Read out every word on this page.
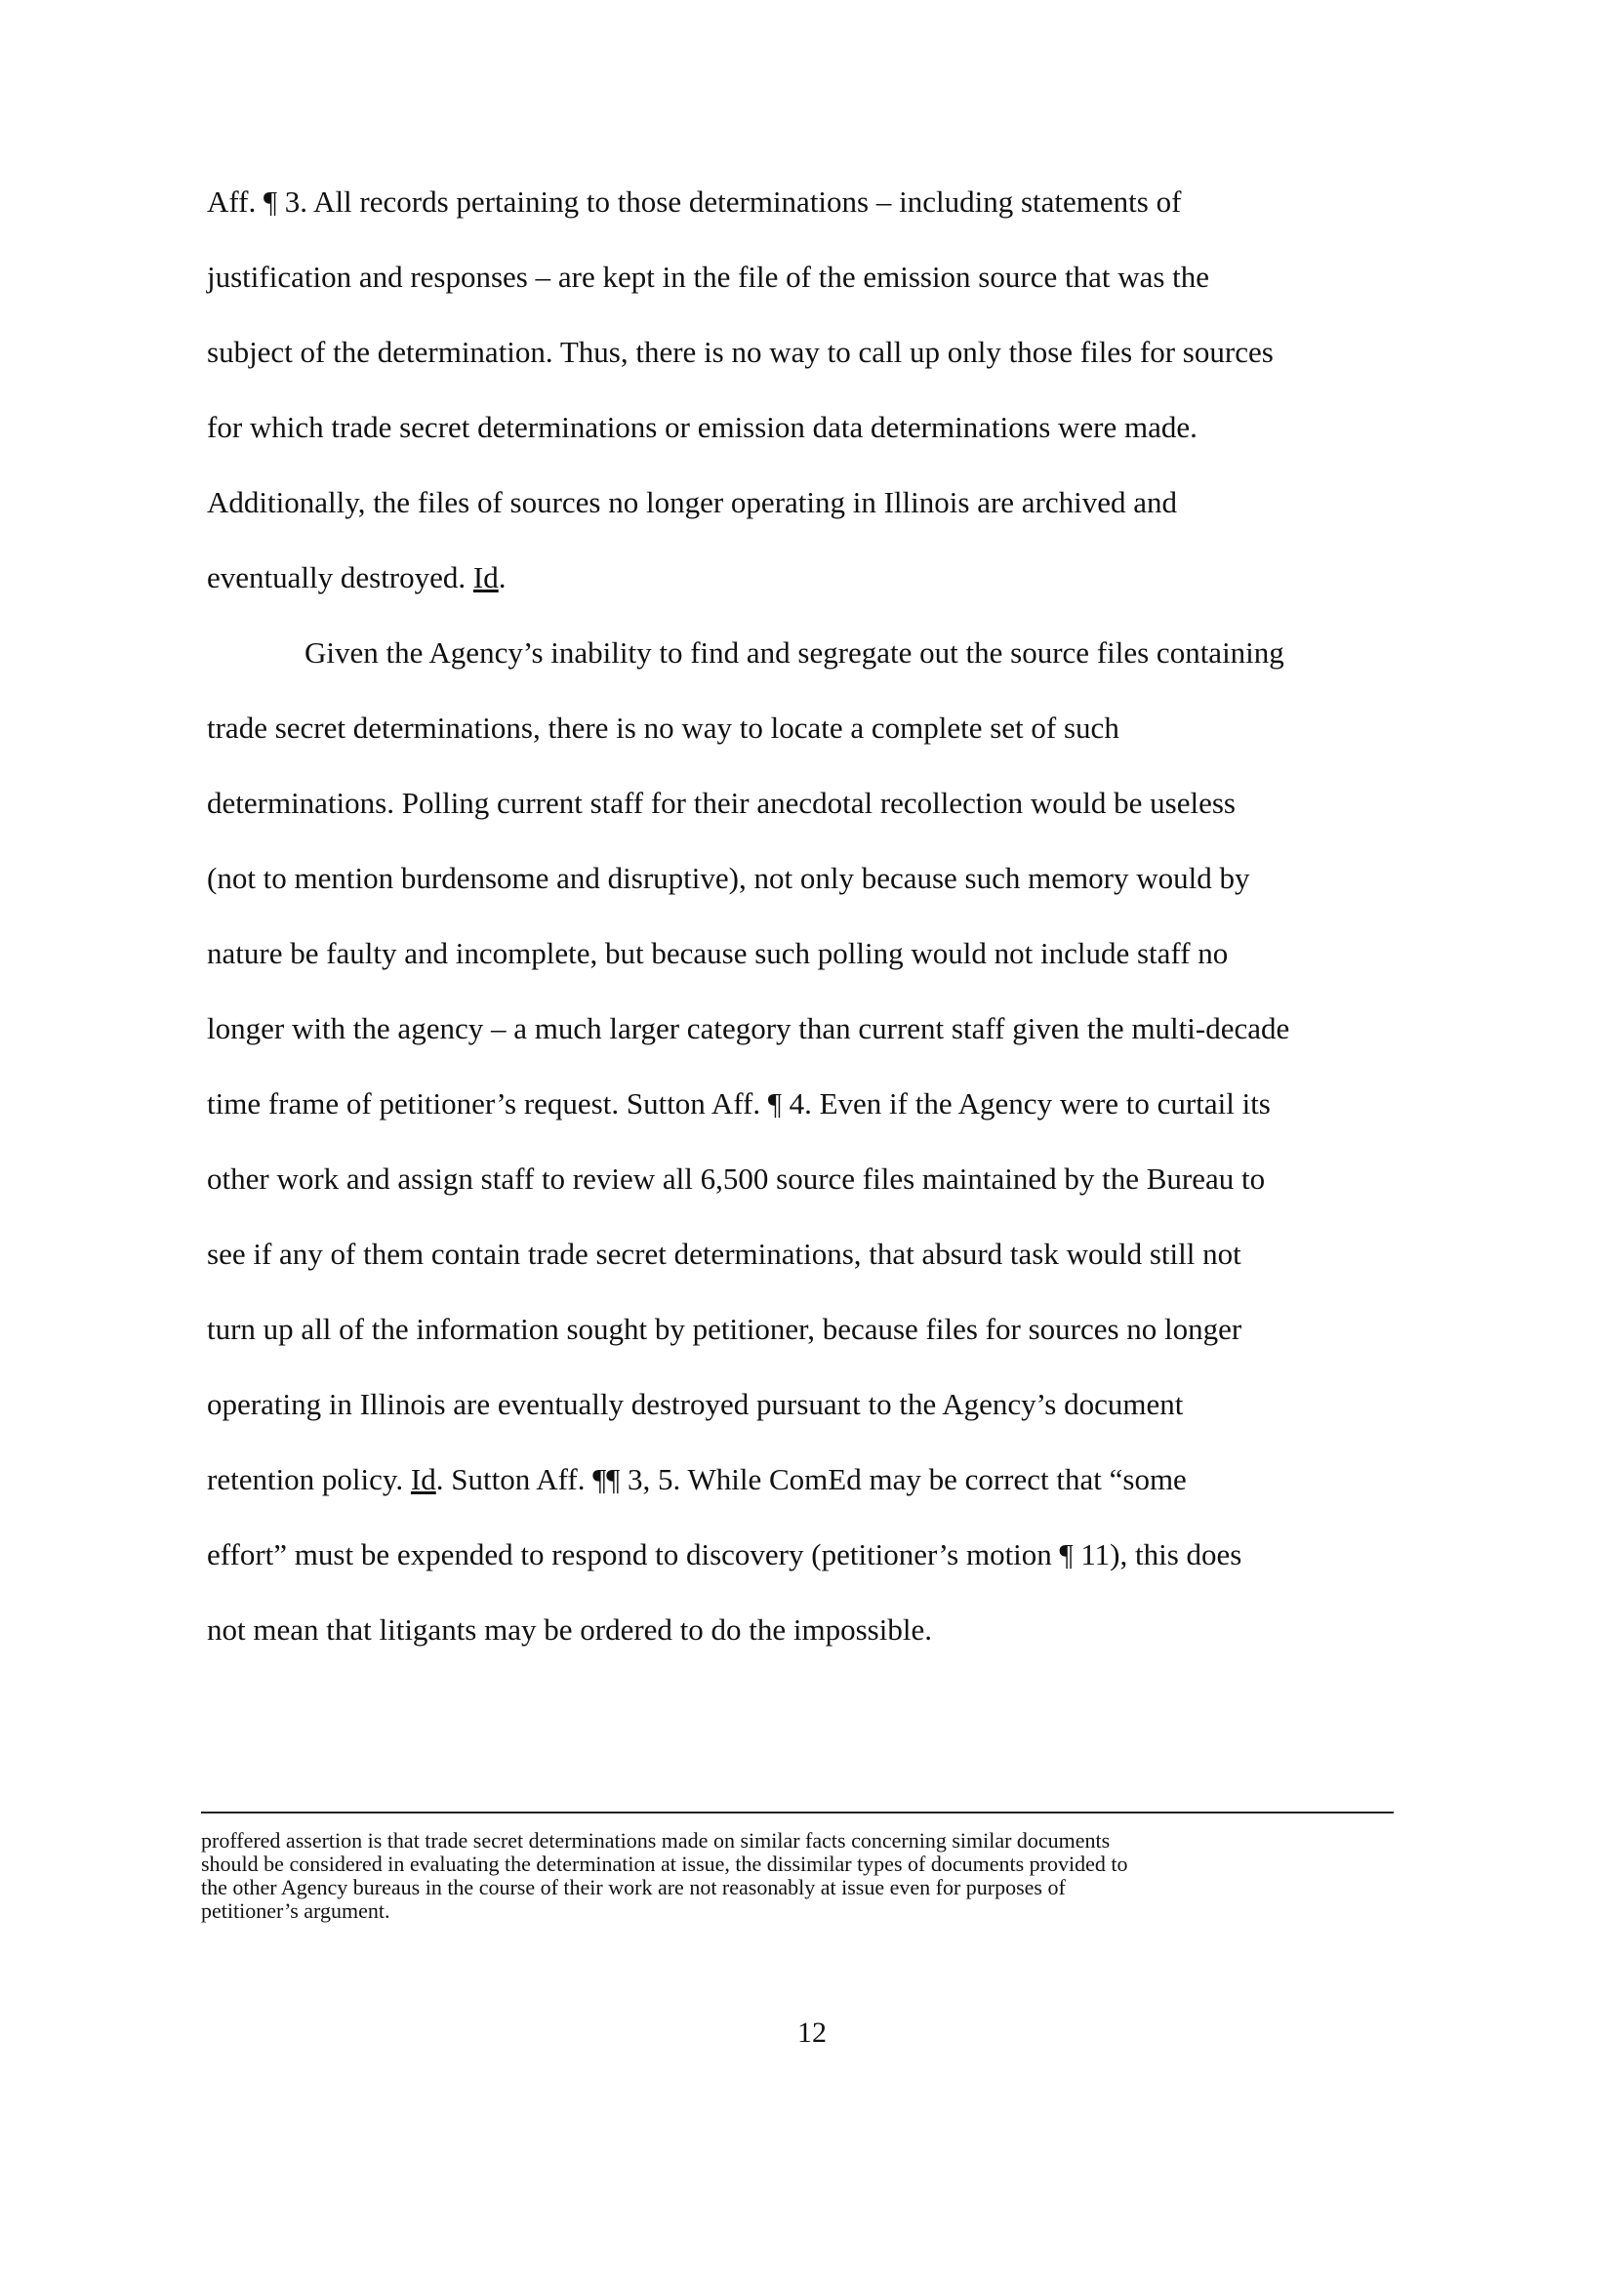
Aff. ¶ 3. All records pertaining to those determinations – including statements of
justification and responses – are kept in the file of the emission source that was the
subject of the determination. Thus, there is no way to call up only those files for sources
for which trade secret determinations or emission data determinations were made.
Additionally, the files of sources no longer operating in Illinois are archived and
eventually destroyed. Id.
Given the Agency’s inability to find and segregate out the source files containing
trade secret determinations, there is no way to locate a complete set of such
determinations. Polling current staff for their anecdotal recollection would be useless
(not to mention burdensome and disruptive), not only because such memory would by
nature be faulty and incomplete, but because such polling would not include staff no
longer with the agency – a much larger category than current staff given the multi-decade
time frame of petitioner’s request. Sutton Aff. ¶ 4. Even if the Agency were to curtail its
other work and assign staff to review all 6,500 source files maintained by the Bureau to
see if any of them contain trade secret determinations, that absurd task would still not
turn up all of the information sought by petitioner, because files for sources no longer
operating in Illinois are eventually destroyed pursuant to the Agency’s document
retention policy. Id. Sutton Aff. ¶¶ 3, 5. While ComEd may be correct that “some
effort” must be expended to respond to discovery (petitioner’s motion ¶ 11), this does
not mean that litigants may be ordered to do the impossible.
proffered assertion is that trade secret determinations made on similar facts concerning similar documents
should be considered in evaluating the determination at issue, the dissimilar types of documents provided to
the other Agency bureaus in the course of their work are not reasonably at issue even for purposes of
petitioner’s argument.
12
